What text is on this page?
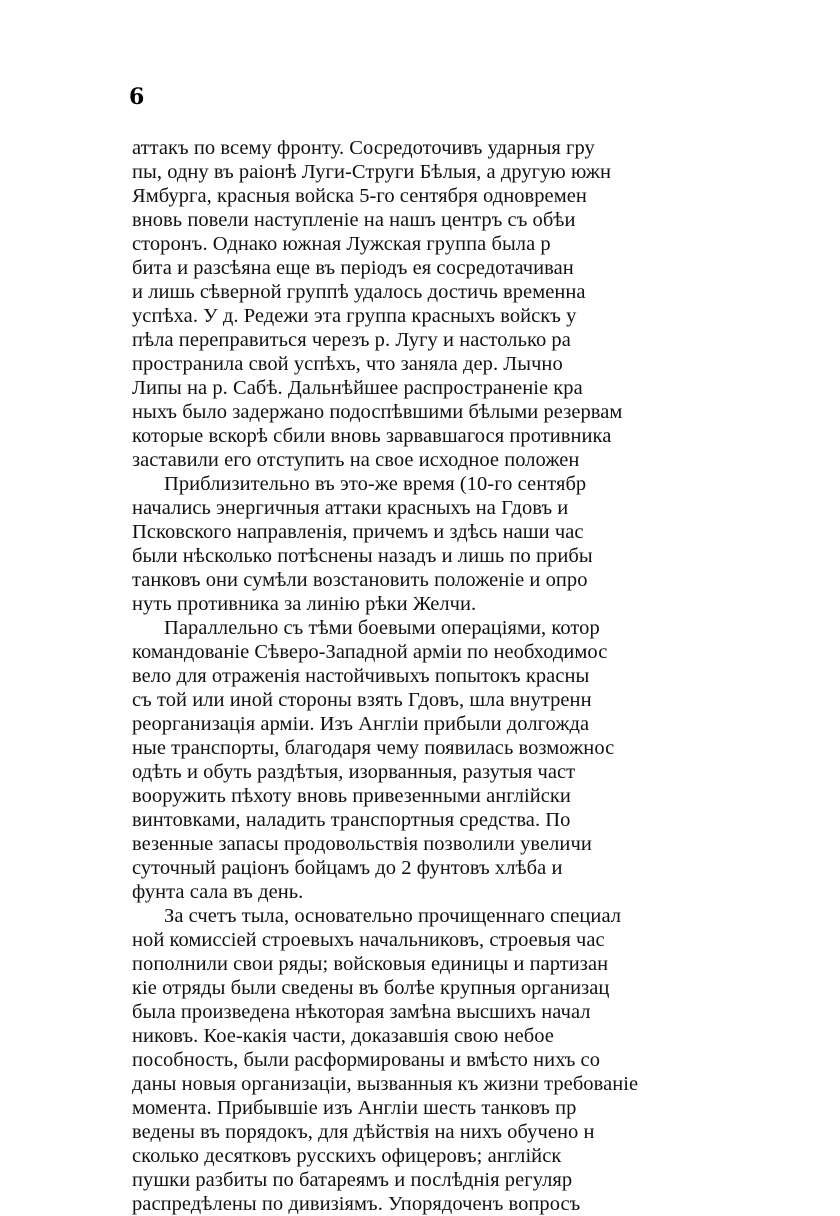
6
аттакъ по всему фронту. Сосредоточивъ ударныя гру
пы, одну въ раіонѣ Луги-Струги Бѣлыя, а другую южн
Ямбурга, красныя войска 5-го сентября одновремен
вновь повели наступленіе на нашъ центръ съ обѣи
сторонъ. Однако южная Лужская группа была р
бита и разсѣяна еще въ періодъ ея сосредотачиван
и лишь сѣверной группѣ удалось достичь временна
успѣха. У д. Редежи эта группа красныхъ войскъ у
пѣла переправиться черезъ р. Лугу и настолько ра
пространила свой успѣхъ, что заняла дер. Лычно
Липы на р. Сабѣ. Дальнѣйшее распространеніе кра
ныхъ было задержано подоспѣвшими бѣлыми резервам
которые вскорѣ сбили вновь зарвавшагося противника
заставили его отступить на свое исходное положен
Приблизительно въ это-же время (10-го сентябр
начались энергичныя аттаки красныхъ на Гдовъ и
Псковского направленія, причемъ и здѣсь наши час
были нѣсколько потѣснены назадъ и лишь по прибы
танковъ они сумѣли возстановить положеніе и опро
нуть противника за линію рѣки Желчи.
Параллельно съ тѣми боевыми операціями, котор
командованіе Сѣверо-Западной арміи по необходимос
вело для отраженія настойчивыхъ попытокъ красны
съ той или иной стороны взять Гдовъ, шла внутренн
реорганизація арміи. Изъ Англіи прибыли долгожда
ные транспорты, благодаря чему появилась возможнос
одѣть и обуть раздѣтыя, изорванныя, разутыя част
вооружить пѣхоту вновь привезенными англійски
винтовками, наладить транспортныя средства. По
везенные запасы продовольствія позволили увеличи
суточный раціонъ бойцамъ до 2 фунтовъ хлѣба и
фунта сала въ день.
За счетъ тыла, основательно прочищеннаго специал
ной комиссіей строевыхъ начальниковъ, строевыя час
пополнили свои ряды; войсковыя единицы и партизан
кіе отряды были сведены въ болѣе крупныя организац
была произведена нѣкоторая замѣна высшихъ начал
никовъ. Кое-какія части, доказавшія свою небое
пособность, были расформированы и вмѣсто нихъ со
даны новыя организаціи, вызванныя къ жизни требованіе
момента. Прибывшіе изъ Англіи шесть танковъ пр
ведены въ порядокъ, для дѣйствія на нихъ обучено н
сколько десятковъ русскихъ офицеровъ; англійск
пушки разбиты по батареямъ и послѣднія регуляр
распредѣлены по дивизіямъ. Упорядоченъ вопросъ
